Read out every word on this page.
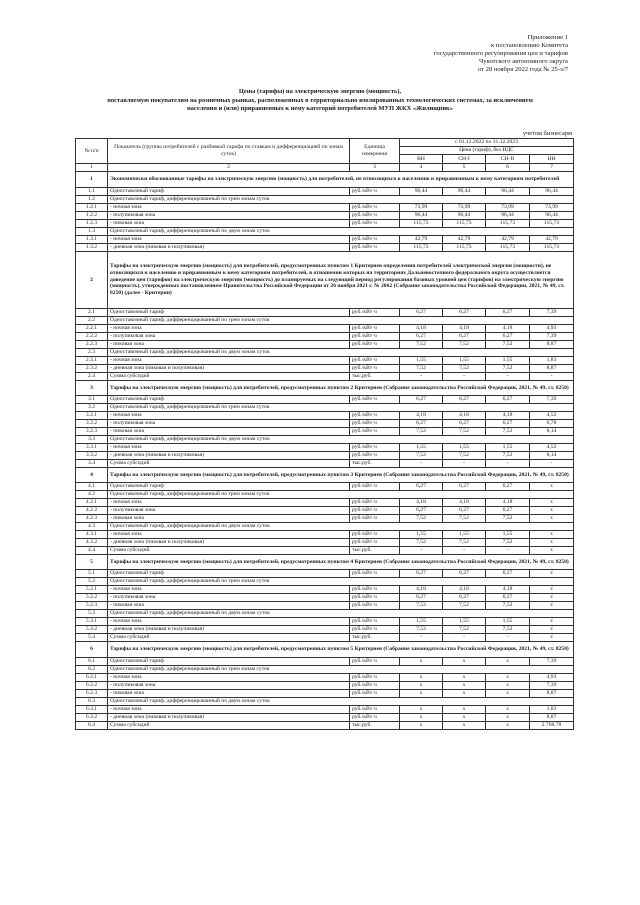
Приложение 1
к постановлению Комитета
государственного регулирования цен и тарифов
Чукотского автономного округа
от 28 ноября 2022 года № 25-э/7
Цены (тарифы) на электрическую энергию (мощность),
поставляемую покупателям на розничных рынках, расположенных в территориально изолированных технологических системах, за исключением
населения и (или) приравненных к нему категорий потребителей МУП ЖКХ «Жилищник»
учетом бизнесарм
№ п/п	Показатель (группы потребителей с разбивкой тарифа по ставкам и дифференциацией по зонам суток)	Единица измерения	с 01.12.2022 по 31.12.2023			
			Цена (тариф), без НДС			
			ВН	СН-I	СН-II	НН
1	2	3	4	5	6	7
1	Экономически обоснованные тарифы на электрическую энергию (мощность) для потребителей, не относящихся к населению и приравненным к нему категориям потребителей					
1.1	Одноставочный тариф	руб./кВт·ч	96,44	96,44	96,44	96,44
1.2	Одноставочный тариф, дифференцированный по трем зонам суток					
1.2.1	- ночная зона	руб./кВт·ч	73,99	73,99	73,99	73,99
1.2.2	- полупиковая зона	руб./кВт·ч	96,44	96,44	96,44	96,44
1.2.3	- пиковая зона	руб./кВт·ч	115,73	115,73	115,73	115,73
1.3	Одноставочный тариф, дифференцированный по двум зонам суток					
1.3.1	- ночная зона	руб./кВт·ч	42,79	42,79	42,79	42,79
1.3.2	- дневная зона (пиковая и полупиковая)	руб./кВт·ч	115,73	115,73	115,73	115,73
2	Тарифы на электрическую энергию (мощность) для потребителей, предусмотренных пунктом 1 Критериев определения потребителей электрической энергии (мощности), не относящихся к населению и приравненным к нему категориям потребителей, в отношении которых на территориях Дальневосточного федерального округа осуществляется доведение цен (тарифов) на электрическую энергию (мощность) до планируемых на следующий период регулирования базовых уровней цен (тарифов) на электрическую энергию (мощность), утвержденных постановлением Правительства Российской Федерации от 26 ноября 2021 г. № 2062 (Собрание законодательства Российской Федерации, 2021, № 49, ст. 8250) (далее - Критерии)					
2.1	Одноставочный тариф	руб./кВт·ч	6,27	6,27	6,27	7,39
2.2	Одноставочный тариф, дифференцированный по трем зонам суток					
2.2.1	- ночная зона	руб./кВт·ч	4,18	4,18	4,18	4,93
2.2.2	- полупиковая зона	руб./кВт·ч	6,27	6,27	6,27	7,39
2.2.3	- пиковая зона	руб./кВт·ч	7,52	7,52	7,52	8,87
2.3	Одноставочный тариф, дифференцированный по двум зонам суток					
2.3.1	- ночная зона	руб./кВт·ч	1,55	1,55	1,55	1,83
2.3.2	- дневная зона (пиковая и полупиковая)	руб./кВт·ч	7,52	7,52	7,52	8,87
2.4	Сумма субсидий	тыс.руб.	-	-	-	-
3	Тарифы на электрическую энергию (мощность) для потребителей, предусмотренных пунктом 2 Критериев (Собрание законодательства Российской Федерации, 2021, № 49, ст. 8250)					
3.1	Одноставочный тариф	руб./кВт·ч	6,27	6,27	6,27	7,39
3.2	Одноставочный тариф, дифференцированный по трем зонам суток					
3.2.1	- ночная зона	руб./кВт·ч	4,18	4,18	4,18	4,52
3.2.2	- полупиковая зона	руб./кВт·ч	6,27	6,27	6,27	6,78
3.2.3	- пиковая зона	руб./кВт·ч	7,52	7,52	7,52	8,14
3.3	Одноставочный тариф, дифференцированный по двум зонам суток					
3.3.1	- ночная зона	руб./кВт·ч	1,55	1,55	1,55	4,52
3.3.2	- дневная зона (пиковая и полупиковая)	руб./кВт·ч	7,52	7,52	7,52	8,14
3.4	Сумма субсидий	тыс.руб.	-	-	-	-
4	Тарифы на электрическую энергию (мощность) для потребителей, предусмотренных пунктом 3 Критериев (Собрание законодательства Российской Федерации, 2021, № 49, ст. 8250)					
4.1	Одноставочный тариф	руб./кВт·ч	6,27	6,27	6,27	x
4.2	Одноставочный тариф, дифференцированный по трем зонам суток					
4.2.1	- ночная зона	руб./кВт·ч	4,18	4,18	4,18	x
4.2.2	- полупиковая зона	руб./кВт·ч	6,27	6,27	6,27	x
4.2.3	- пиковая зона	руб./кВт·ч	7,52	7,52	7,52	x
4.3	Одноставочный тариф, дифференцированный по двум зонам суток					
4.3.1	- ночная зона	руб./кВт·ч	1,55	1,55	1,55	x
4.3.2	- дневная зона (пиковая и полупиковая)	руб./кВт·ч	7,52	7,52	7,52	x
4.4	Сумма субсидий	тыс.руб.	-	-	-	x
5	Тарифы на электрическую энергию (мощность) для потребителей, предусмотренных пунктом 4 Критериев (Собрание законодательства Российской Федерации, 2021, № 49, ст. 8250)					
5.1	Одноставочный тариф	руб./кВт·ч	6,27	6,27	6,27	x
5.2	Одноставочный тариф, дифференцированный по трем зонам суток					
5.2.1	- ночная зона	руб./кВт·ч	4,18	4,18	4,18	x
5.2.2	- полупиковая зона	руб./кВт·ч	6,27	6,27	6,27	x
5.2.3	- пиковая зона	руб./кВт·ч	7,52	7,52	7,52	x
5.3	Одноставочный тариф, дифференцированный по двум зонам суток					
5.3.1	- ночная зона	руб./кВт·ч	1,55	1,55	1,55	x
5.3.2	- дневная зона (пиковая и полупиковая)	руб./кВт·ч	7,52	7,52	7,52	x
5.4	Сумма субсидий	тыс.руб.	-	-	-	x
6	Тарифы на электрическую энергию (мощность) для потребителей, предусмотренных пунктом 5 Критериев (Собрание законодательства Российской Федерации, 2021, № 49, ст. 8250)					
6.1	Одноставочный тариф	руб./кВт·ч	x	x	x	7,39
6.2	Одноставочный тариф, дифференцированный по трем зонам суток					
6.2.1	- ночная зона	руб./кВт·ч	x	x	x	4,93
6.2.2	- полупиковая зона	руб./кВт·ч	x	x	x	7,39
6.2.3	- пиковая зона	руб./кВт·ч	x	x	x	8,87
6.3	Одноставочный тариф, дифференцированный по двум зонам суток					
6.3.1	- ночная зона	руб./кВт·ч	x	x	x	1,83
6.3.2	- дневная зона (пиковая и полупиковая)	руб./кВт·ч	x	x	x	8,87
6.4	Сумма субсидий	тыс.руб.	x	x	x	2 768,78
